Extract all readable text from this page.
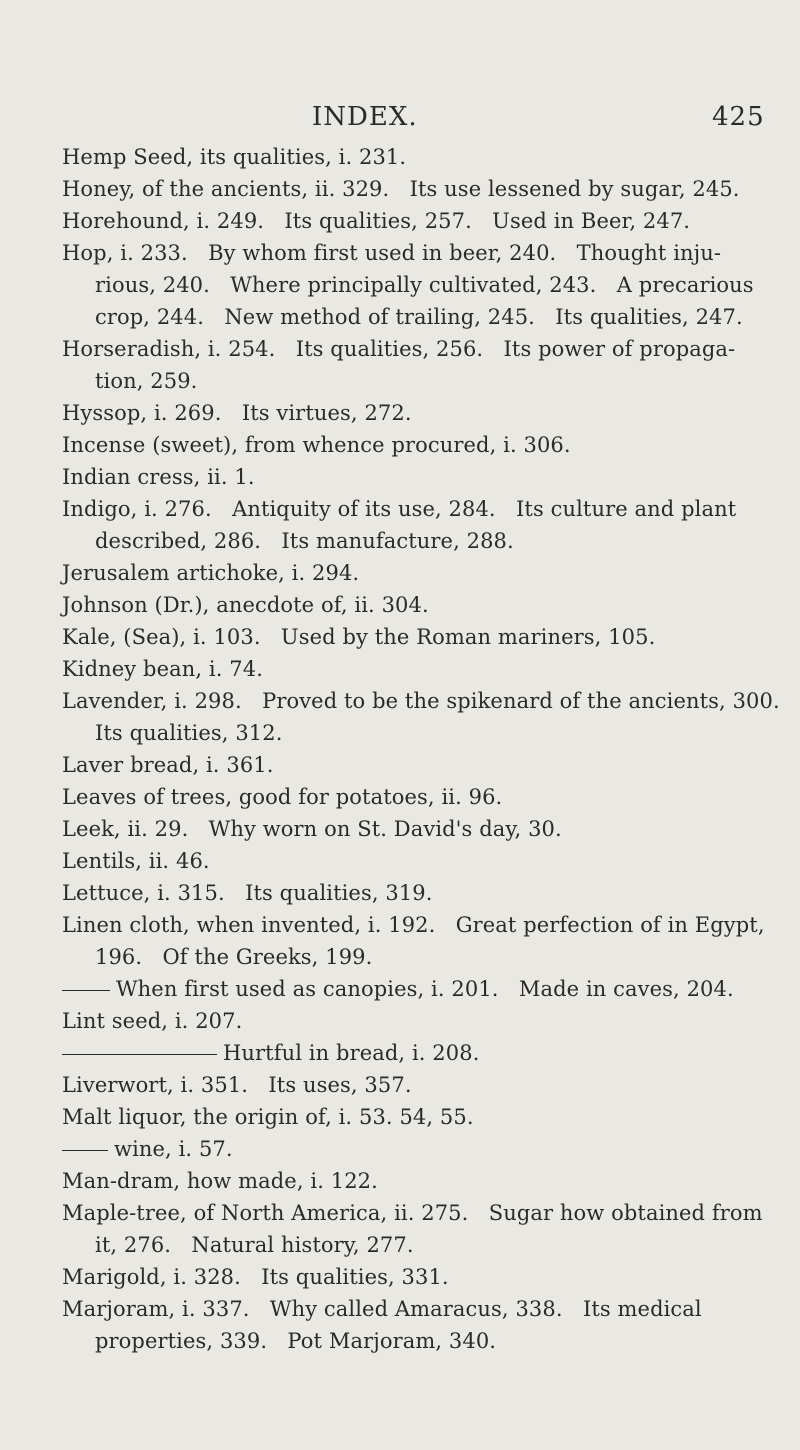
INDEX.	425
Hemp Seed, its qualities, i. 231.
Honey, of the ancients, ii. 329.   Its use lessened by sugar, 245.
Horehound, i. 249.   Its qualities, 257.   Used in Beer, 247.
Hop, i. 233.   By whom first used in beer, 240.   Thought inju-
rious, 240.   Where principally cultivated, 243.   A precarious
crop, 244.   New method of trailing, 245.   Its qualities, 247.
Horseradish, i. 254.   Its qualities, 256.   Its power of propaga-
tion, 259.
Hyssop, i. 269.   Its virtues, 272.
Incense (sweet), from whence procured, i. 306.
Indian cress, ii. 1.
Indigo, i. 276.   Antiquity of its use, 284.   Its culture and plant
described, 286.   Its manufacture, 288.
Jerusalem artichoke, i. 294.
Johnson (Dr.), anecdote of, ii. 304.
Kale, (Sea), i. 103.   Used by the Roman mariners, 105.
Kidney bean, i. 74.
Lavender, i. 298.   Proved to be the spikenard of the ancients, 300.
Its qualities, 312.
Laver bread, i. 361.
Leaves of trees, good for potatoes, ii. 96.
Leek, ii. 29.   Why worn on St. David's day, 30.
Lentils, ii. 46.
Lettuce, i. 315.   Its qualities, 319.
Linen cloth, when invented, i. 192.   Great perfection of in Egypt,
196.   Of the Greeks, 199.
When first used as canopies, i. 201.   Made in caves, 204.
Lint seed, i. 207.
Hurtful in bread, i. 208.
Liverwort, i. 351.   Its uses, 357.
Malt liquor, the origin of, i. 53. 54, 55.
wine, i. 57.
Man-dram, how made, i. 122.
Maple-tree, of North America, ii. 275.   Sugar how obtained from
it, 276.   Natural history, 277.
Marigold, i. 328.   Its qualities, 331.
Marjoram, i. 337.   Why called Amaracus, 338.   Its medical
properties, 339.   Pot Marjoram, 340.
